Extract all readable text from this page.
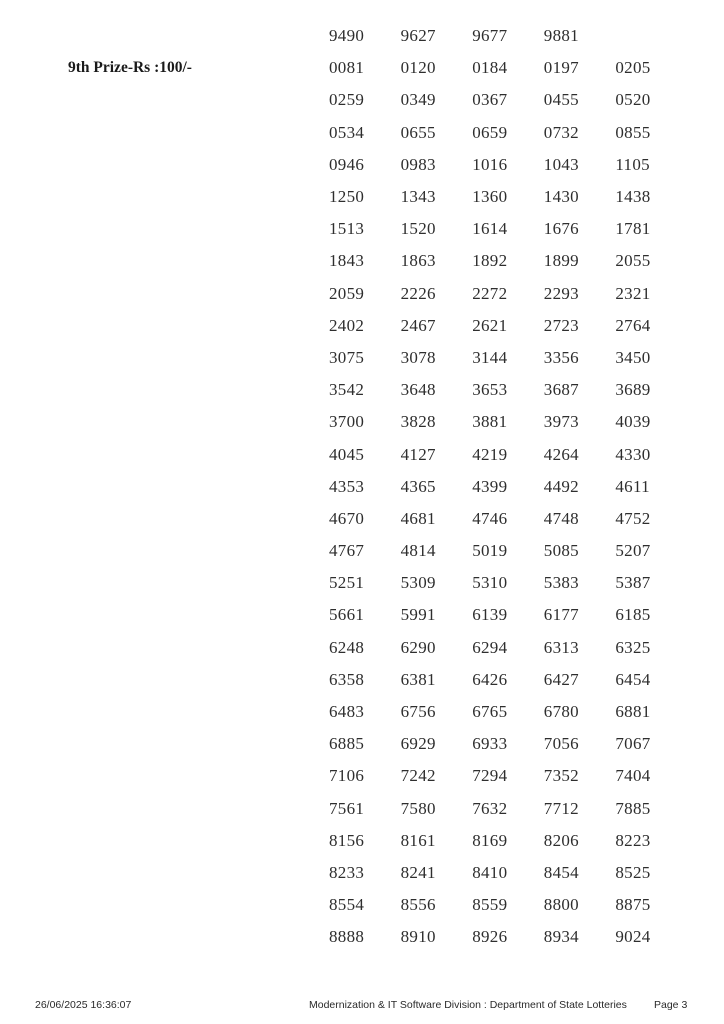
9th Prize-Rs :100/-
9490	9627	9677	9881
0081	0120	0184	0197	0205
0259	0349	0367	0455	0520
0534	0655	0659	0732	0855
0946	0983	1016	1043	1105
1250	1343	1360	1430	1438
1513	1520	1614	1676	1781
1843	1863	1892	1899	2055
2059	2226	2272	2293	2321
2402	2467	2621	2723	2764
3075	3078	3144	3356	3450
3542	3648	3653	3687	3689
3700	3828	3881	3973	4039
4045	4127	4219	4264	4330
4353	4365	4399	4492	4611
4670	4681	4746	4748	4752
4767	4814	5019	5085	5207
5251	5309	5310	5383	5387
5661	5991	6139	6177	6185
6248	6290	6294	6313	6325
6358	6381	6426	6427	6454
6483	6756	6765	6780	6881
6885	6929	6933	7056	7067
7106	7242	7294	7352	7404
7561	7580	7632	7712	7885
8156	8161	8169	8206	8223
8233	8241	8410	8454	8525
8554	8556	8559	8800	8875
8888	8910	8926	8934	9024
26/06/2025 16:36:07	Modernization & IT Software Division : Department of State Lotteries	Page 3
